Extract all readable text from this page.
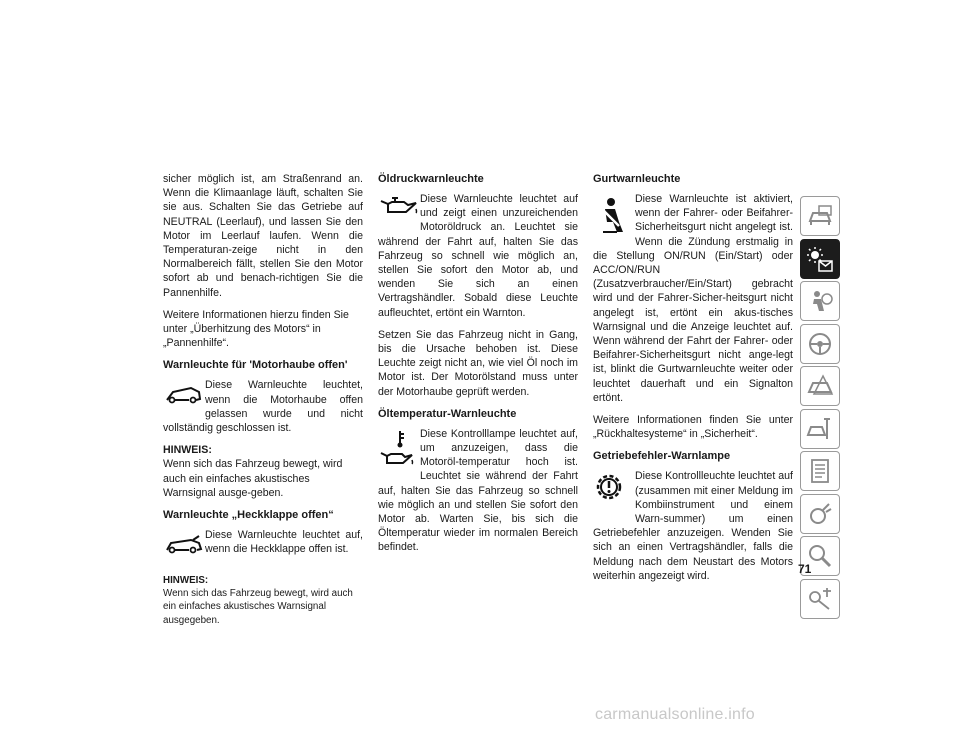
sicher möglich ist, am Straßenrand an. Wenn die Klimaanlage läuft, schalten Sie sie aus. Schalten Sie das Getriebe auf NEUTRAL (Leerlauf), und lassen Sie den Motor im Leerlauf laufen. Wenn die Temperaturan-zeige nicht in den Normalbereich fällt, stellen Sie den Motor sofort ab und benach-richtigen Sie die Pannenhilfe.

Weitere Informationen hierzu finden Sie unter „Überhitzung des Motors“ in „Pannenhilfe“.

Warnleuchte für 'Motorhaube offen'

Diese Warnleuchte leuchtet, wenn die Motorhaube offen gelassen wurde und nicht vollständig geschlossen ist.

HINWEIS:
Wenn sich das Fahrzeug bewegt, wird auch ein einfaches akustisches Warnsignal ausge-geben.

Warnleuchte „Heckklappe offen“

Diese Warnleuchte leuchtet auf, wenn die Heckklappe offen ist.

HINWEIS:
Wenn sich das Fahrzeug bewegt, wird auch ein einfaches akustisches Warnsignal ausgegeben.

Öldruckwarnleuchte

Diese Warnleuchte leuchtet auf und zeigt einen unzureichenden Motoröldruck an. Leuchtet sie während der Fahrt auf, halten Sie das Fahrzeug so schnell wie möglich an, stellen Sie sofort den Motor ab, und wenden Sie sich an einen Vertragshändler. Sobald diese Leuchte aufleuchtet, ertönt ein Warnton.

Setzen Sie das Fahrzeug nicht in Gang, bis die Ursache behoben ist. Diese Leuchte zeigt nicht an, wie viel Öl noch im Motor ist. Der Motorölstand muss unter der Motorhaube geprüft werden.

Öltemperatur-Warnleuchte

Diese Kontrolllampe leuchtet auf, um anzuzeigen, dass die Motoröl-temperatur hoch ist. Leuchtet sie während der Fahrt auf, halten Sie das Fahrzeug so schnell wie möglich an und stellen Sie sofort den Motor ab. Warten Sie, bis sich die Öltemperatur wieder im normalen Bereich befindet.

Gurtwarnleuchte

Diese Warnleuchte ist aktiviert, wenn der Fahrer- oder Beifahrer-Sicherheitsgurt nicht angelegt ist. Wenn die Zündung erstmalig in die Stellung ON/RUN (Ein/Start) oder ACC/ON/RUN (Zusatzverbraucher/Ein/Start) gebracht wird und der Fahrer-Sicher-heitsgurt nicht angelegt ist, ertönt ein akus-tisches Warnsignal und die Anzeige leuchtet auf. Wenn während der Fahrt der Fahrer- oder Beifahrer-Sicherheitsgurt nicht ange-legt ist, blinkt die Gurtwarnleuchte weiter oder leuchtet dauerhaft und ein Signalton ertönt.

Weitere Informationen finden Sie unter „Rückhaltesysteme“ in „Sicherheit“.

Getriebefehler-Warnlampe

Diese Kontrollleuchte leuchtet auf (zusammen mit einer Meldung im Kombiinstrument und einem Warn-summer) um einen Getriebefehler anzuzeigen. Wenden Sie sich an einen Vertragshändler, falls die Meldung nach dem Neustart des Motors weiterhin angezeigt wird.	71
carmanualsonline.info
